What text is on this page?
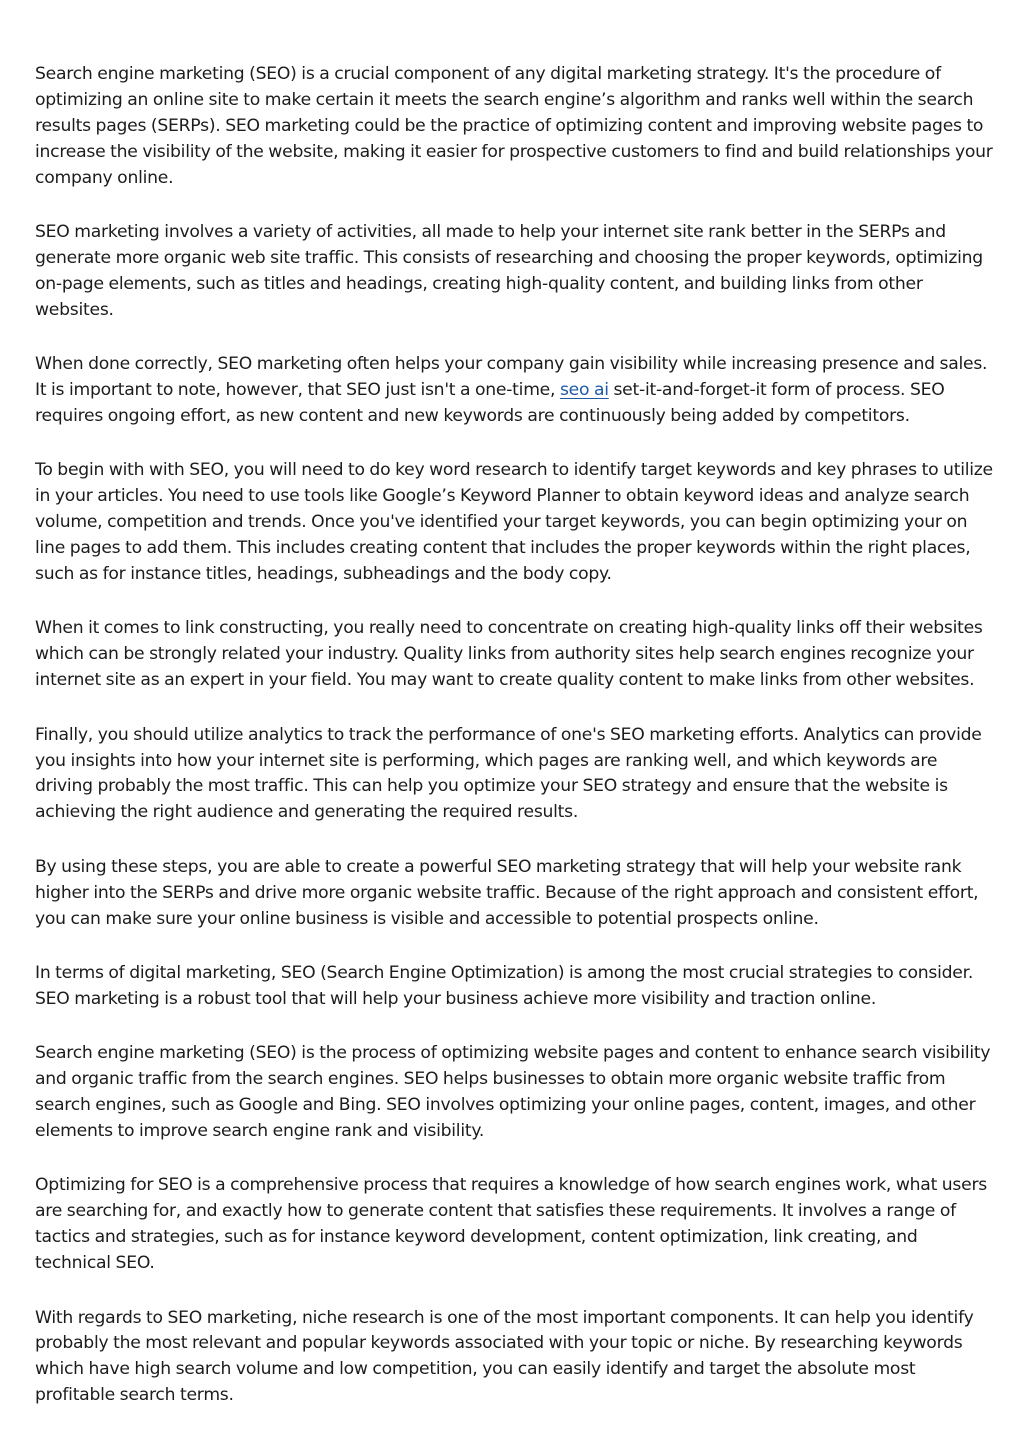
Search engine marketing (SEO) is a crucial component of any digital marketing strategy. It's the procedure of optimizing an online site to make certain it meets the search engine’s algorithm and ranks well within the search results pages (SERPs). SEO marketing could be the practice of optimizing content and improving website pages to increase the visibility of the website, making it easier for prospective customers to find and build relationships your company online.

SEO marketing involves a variety of activities, all made to help your internet site rank better in the SERPs and generate more organic web site traffic. This consists of researching and choosing the proper keywords, optimizing on-page elements, such as titles and headings, creating high-quality content, and building links from other websites.

When done correctly, SEO marketing often helps your company gain visibility while increasing presence and sales. It is important to note, however, that SEO just isn't a one-time, seo ai set-it-and-forget-it form of process. SEO requires ongoing effort, as new content and new keywords are continuously being added by competitors.

To begin with with SEO, you will need to do key word research to identify target keywords and key phrases to utilize in your articles. You need to use tools like Google’s Keyword Planner to obtain keyword ideas and analyze search volume, competition and trends. Once you've identified your target keywords, you can begin optimizing your on line pages to add them. This includes creating content that includes the proper keywords within the right places, such as for instance titles, headings, subheadings and the body copy.

When it comes to link constructing, you really need to concentrate on creating high-quality links off their websites which can be strongly related your industry. Quality links from authority sites help search engines recognize your internet site as an expert in your field. You may want to create quality content to make links from other websites.

Finally, you should utilize analytics to track the performance of one's SEO marketing efforts. Analytics can provide you insights into how your internet site is performing, which pages are ranking well, and which keywords are driving probably the most traffic. This can help you optimize your SEO strategy and ensure that the website is achieving the right audience and generating the required results.

By using these steps, you are able to create a powerful SEO marketing strategy that will help your website rank higher into the SERPs and drive more organic website traffic. Because of the right approach and consistent effort, you can make sure your online business is visible and accessible to potential prospects online.

In terms of digital marketing, SEO (Search Engine Optimization) is among the most crucial strategies to consider. SEO marketing is a robust tool that will help your business achieve more visibility and traction online.

Search engine marketing (SEO) is the process of optimizing website pages and content to enhance search visibility and organic traffic from the search engines. SEO helps businesses to obtain more organic website traffic from search engines, such as Google and Bing. SEO involves optimizing your online pages, content, images, and other elements to improve search engine rank and visibility.

Optimizing for SEO is a comprehensive process that requires a knowledge of how search engines work, what users are searching for, and exactly how to generate content that satisfies these requirements. It involves a range of tactics and strategies, such as for instance keyword development, content optimization, link creating, and technical SEO.

With regards to SEO marketing, niche research is one of the most important components. It can help you identify probably the most relevant and popular keywords associated with your topic or niche. By researching keywords which have high search volume and low competition, you can easily identify and target the absolute most profitable search terms.
